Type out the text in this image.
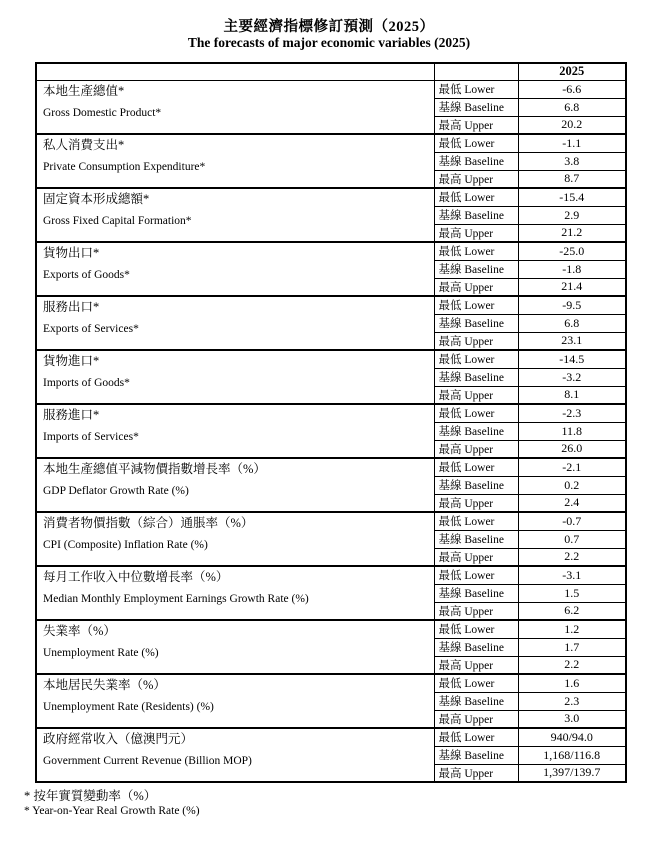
主要經濟指標修訂預測（2025）
The forecasts of major economic variables (2025)
		2025

本地生產總值*
Gross Domestic Product*	最低 Lower	-6.6
	基線 Baseline	6.8
	最高 Upper	20.2

私人消費支出*
Private Consumption Expenditure*	最低 Lower	-1.1
	基線 Baseline	3.8
	最高 Upper	8.7

固定資本形成總額*
Gross Fixed Capital Formation*	最低 Lower	-15.4
	基線 Baseline	2.9
	最高 Upper	21.2

貨物出口*
Exports of Goods*	最低 Lower	-25.0
	基線 Baseline	-1.8
	最高 Upper	21.4

服務出口*
Exports of Services*	最低 Lower	-9.5
	基線 Baseline	6.8
	最高 Upper	23.1

貨物進口*
Imports of Goods*	最低 Lower	-14.5
	基線 Baseline	-3.2
	最高 Upper	8.1

服務進口*
Imports of Services*	最低 Lower	-2.3
	基線 Baseline	11.8
	最高 Upper	26.0

本地生產總值平減物價指數增長率（%）
GDP Deflator Growth Rate (%)	最低 Lower	-2.1
	基線 Baseline	0.2
	最高 Upper	2.4

消費者物價指數（綜合）通脹率（%）
CPI (Composite) Inflation Rate (%)	最低 Lower	-0.7
	基線 Baseline	0.7
	最高 Upper	2.2

每月工作收入中位數增長率（%）
Median Monthly Employment Earnings Growth Rate (%)	最低 Lower	-3.1
	基線 Baseline	1.5
	最高 Upper	6.2

失業率（%）
Unemployment Rate (%)	最低 Lower	1.2
	基線 Baseline	1.7
	最高 Upper	2.2

本地居民失業率（%）
Unemployment Rate (Residents) (%)	最低 Lower	1.6
	基線 Baseline	2.3
	最高 Upper	3.0

政府經常收入（億澳門元）
Government Current Revenue (Billion MOP)	最低 Lower	940/94.0
	基線 Baseline	1,168/116.8
	最高 Upper	1,397/139.7
* 按年實質變動率（%）
* Year-on-Year Real Growth Rate (%)
